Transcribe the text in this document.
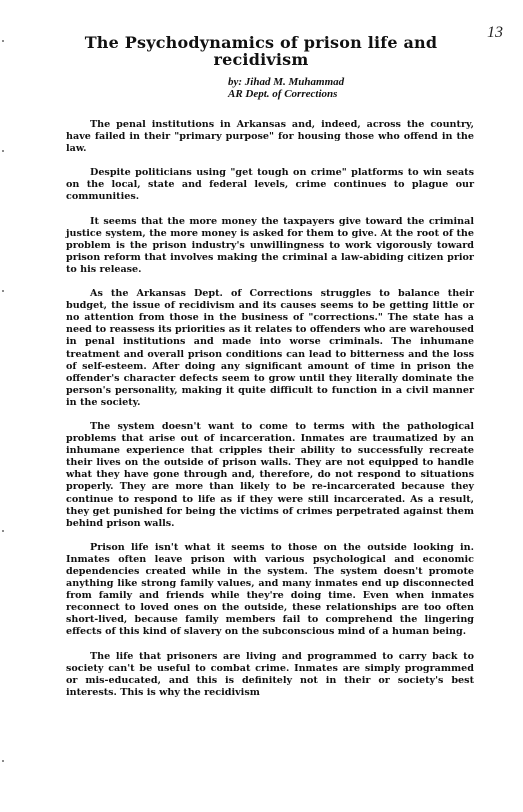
13
The Psychodynamics of prison life and recidivism
by: Jihad M. Muhammad
AR Dept. of Corrections

The penal institutions in Arkansas and, indeed, across the country, have failed in their "primary purpose" for housing those who offend in the law.

Despite politicians using "get tough on crime" platforms to win seats on the local, state and federal levels, crime continues to plague our communities.

It seems that the more money the taxpayers give toward the criminal justice system, the more money is asked for them to give. At the root of the problem is the prison industry's unwillingness to work vigorously toward prison reform that involves making the criminal a law-abiding citizen prior to his release.

As the Arkansas Dept. of Corrections struggles to balance their budget, the issue of recidivism and its causes seems to be getting little or no attention from those in the business of "corrections." The state has a need to reassess its priorities as it relates to offenders who are warehoused in penal institutions and made into worse criminals. The inhumane treatment and overall prison conditions can lead to bitterness and the loss of self-esteem. After doing any significant amount of time in prison the offender's character defects seem to grow until they literally dominate the person's personality, making it quite difficult to function in a civil manner in the society.

The system doesn't want to come to terms with the pathological problems that arise out of incarceration. Inmates are traumatized by an inhumane experience that cripples their ability to successfully recreate their lives on the outside of prison walls. They are not equipped to handle what they have gone through and, therefore, do not respond to situations properly. They are more than likely to be re-incarcerated because they continue to respond to life as if they were still incarcerated. As a result, they get punished for being the victims of crimes perpetrated against them behind prison walls.

Prison life isn't what it seems to those on the outside looking in. Inmates often leave prison with various psychological and economic dependencies created while in the system. The system doesn't promote anything like strong family values, and many inmates end up disconnected from family and friends while they're doing time. Even when inmates reconnect to loved ones on the outside, these relationships are too often short-lived, because family members fail to comprehend the lingering effects of this kind of slavery on the subconscious mind of a human being.

The life that prisoners are living and programmed to carry back to society can't be useful to combat crime. Inmates are simply programmed or mis-educated, and this is definitely not in their or society's best interests. This is why the recidivism
